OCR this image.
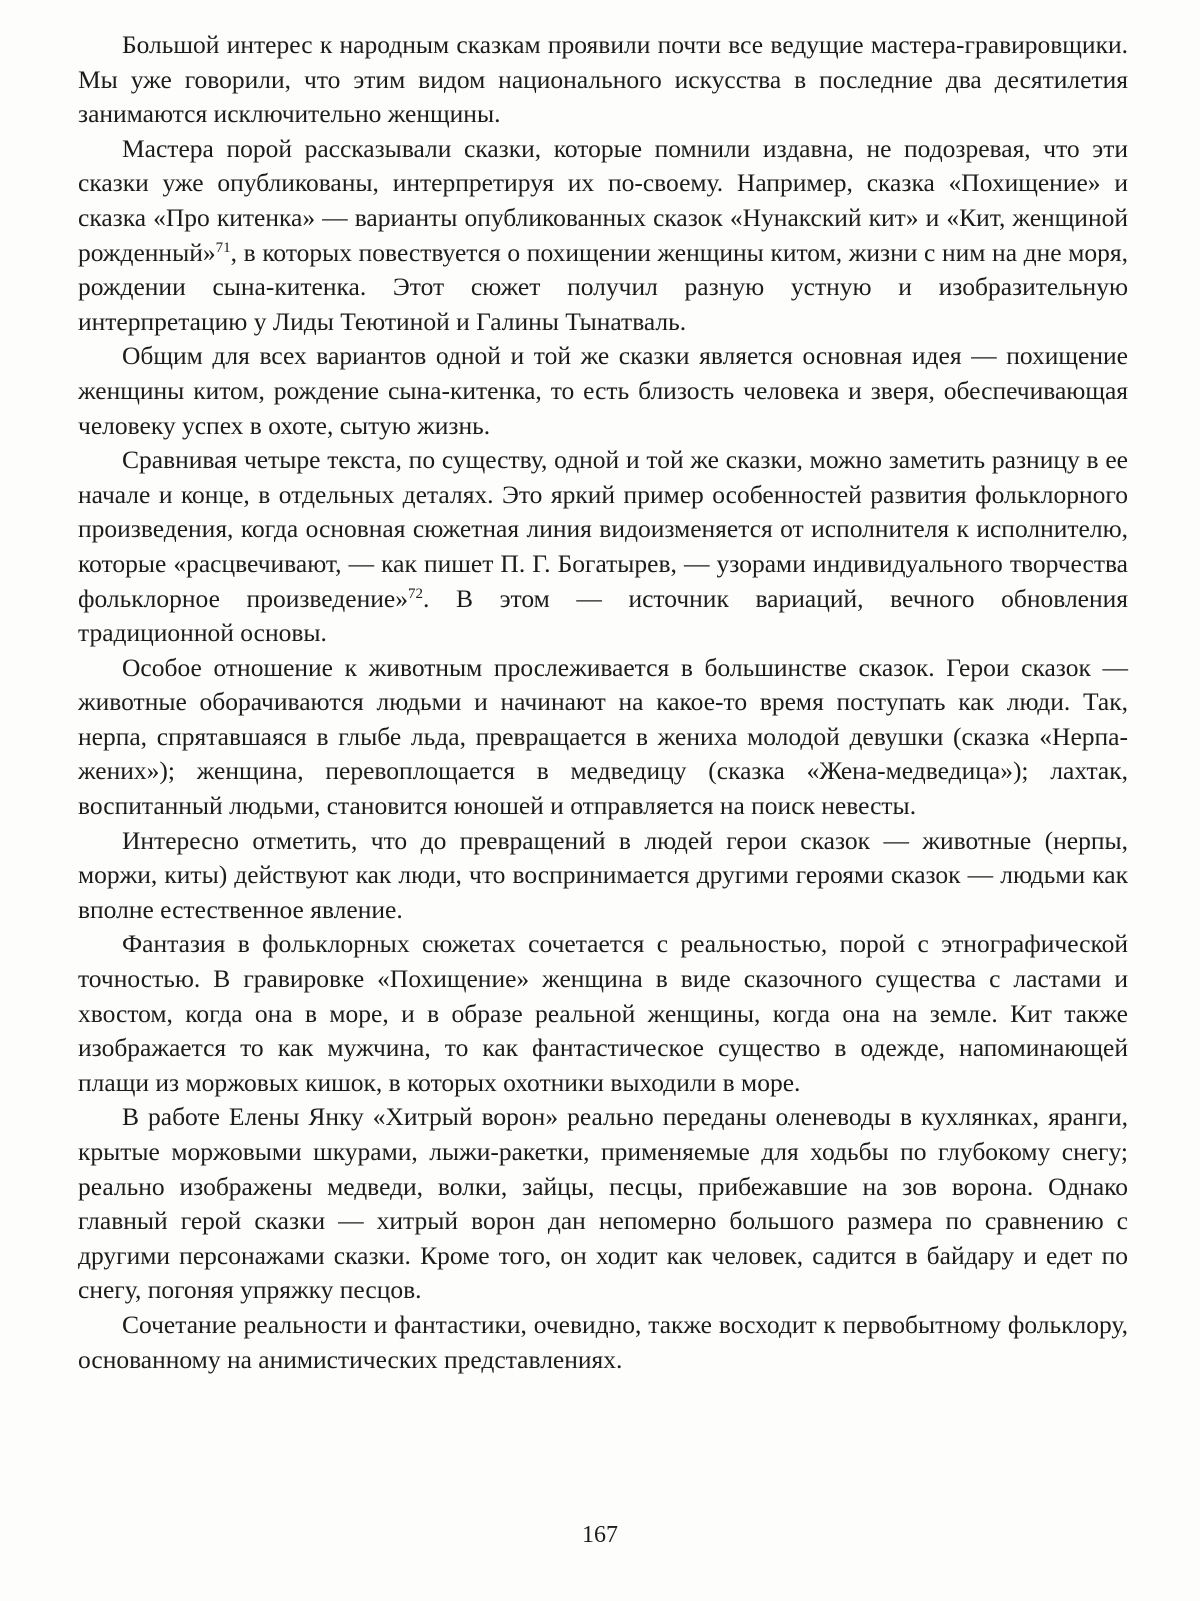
Большой интерес к народным сказкам проявили почти все ведущие мастера-гравировщики. Мы уже говорили, что этим видом национального искусства в последние два десятилетия занимаются исключительно женщины.

Мастера порой рассказывали сказки, которые помнили издавна, не подозревая, что эти сказки уже опубликованы, интерпретируя их по-своему. Например, сказка «Похищение» и сказка «Про китенка» — варианты опубликованных сказок «Нунакский кит» и «Кит, женщиной рожденный»$^{71}$, в которых повествуется о похищении женщины китом, жизни с ним на дне моря, рождении сына-китенка. Этот сюжет получил разную устную и изобразительную интерпретацию у Лиды Теютиной и Галины Тынатваль.

Общим для всех вариантов одной и той же сказки является основная идея — похищение женщины китом, рождение сына-китенка, то есть близость человека и зверя, обеспечивающая человеку успех в охоте, сытую жизнь.

Сравнивая четыре текста, по существу, одной и той же сказки, можно заметить разницу в ее начале и конце, в отдельных деталях. Это яркий пример особенностей развития фольклорного произведения, когда основная сюжетная линия видоизменяется от исполнителя к исполнителю, которые «расцвечивают, — как пишет П. Г. Богатырев, — узорами индивидуального творчества фольклорное произведение»$^{72}$. В этом — источник вариаций, вечного обновления традиционной основы.

Особое отношение к животным прослеживается в большинстве сказок. Герои сказок — животные оборачиваются людьми и начинают на какое-то время поступать как люди. Так, нерпа, спрятавшаяся в глыбе льда, превращается в жениха молодой девушки (сказка «Нерпа-жених»); женщина, перевоплощается в медведицу (сказка «Жена-медведица»); лахтак, воспитанный людьми, становится юношей и отправляется на поиск невесты.

Интересно отметить, что до превращений в людей герои сказок — животные (нерпы, моржи, киты) действуют как люди, что воспринимается другими героями сказок — людьми как вполне естественное явление.

Фантазия в фольклорных сюжетах сочетается с реальностью, порой с этнографической точностью. В гравировке «Похищение» женщина в виде сказочного существа с ластами и хвостом, когда она в море, и в образе реальной женщины, когда она на земле. Кит также изображается то как мужчина, то как фантастическое существо в одежде, напоминающей плащи из моржовых кишок, в которых охотники выходили в море.

В работе Елены Янку «Хитрый ворон» реально переданы оленеводы в кухлянках, яранги, крытые моржовыми шкурами, лыжи-ракетки, применяемые для ходьбы по глубокому снегу; реально изображены медведи, волки, зайцы, песцы, прибежавшие на зов ворона. Однако главный герой сказки — хитрый ворон дан непомерно большого размера по сравнению с другими персонажами сказки. Кроме того, он ходит как человек, садится в байдару и едет по снегу, погоняя упряжку песцов.

Сочетание реальности и фантастики, очевидно, также восходит к первобытному фольклору, основанному на анимистических представлениях.

167
